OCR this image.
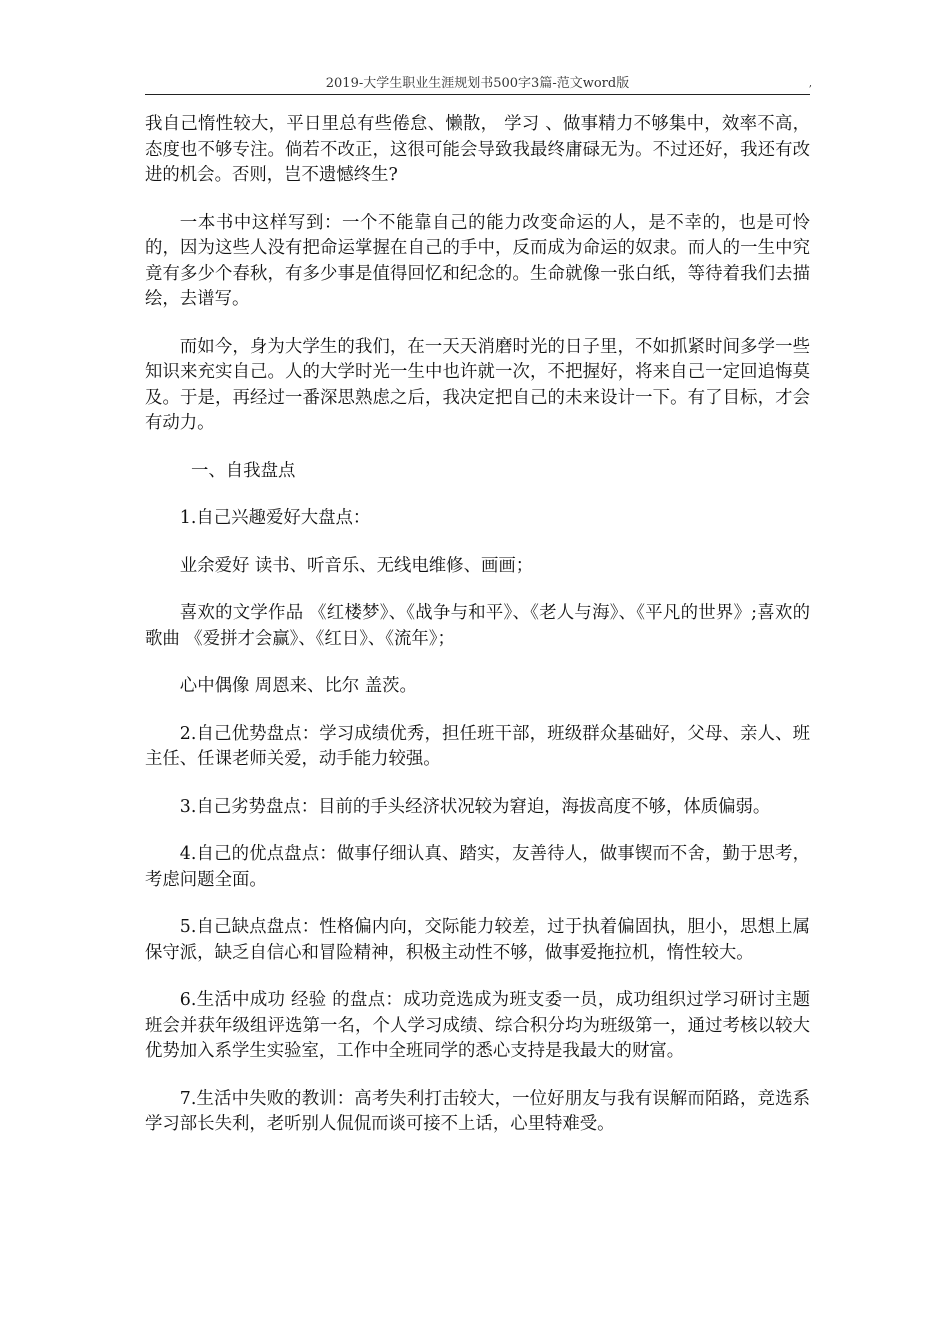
2019-大学生职业生涯规划书500字3篇-范文word版	,

我自己惰性较大，平日里总有些倦怠、懒散， 学习 、做事精力不够集中，效率不高，态度也不够专注。倘若不改正，这很可能会导致我最终庸碌无为。不过还好，我还有改进的机会。否则，岂不遗憾终生?

一本书中这样写到：一个不能靠自己的能力改变命运的人，是不幸的，也是可怜的，因为这些人没有把命运掌握在自己的手中，反而成为命运的奴隶。而人的一生中究竟有多少个春秋，有多少事是值得回忆和纪念的。生命就像一张白纸，等待着我们去描绘，去谱写。

而如今，身为大学生的我们，在一天天消磨时光的日子里，不如抓紧时间多学一些知识来充实自己。人的大学时光一生中也许就一次，不把握好，将来自己一定回追悔莫及。于是，再经过一番深思熟虑之后，我决定把自己的未来设计一下。有了目标，才会有动力。

一、自我盘点

1.自己兴趣爱好大盘点：

业余爱好 读书、听音乐、无线电维修、画画；

喜欢的文学作品 《红楼梦》、《战争与和平》、《老人与海》、《平凡的世界》;喜欢的歌曲 《爱拼才会赢》、《红日》、《流年》；

心中偶像 周恩来、比尔 盖茨。

2.自己优势盘点：学习成绩优秀，担任班干部，班级群众基础好，父母、亲人、班主任、任课老师关爱，动手能力较强。

3.自己劣势盘点：目前的手头经济状况较为窘迫，海拔高度不够，体质偏弱。

4.自己的优点盘点：做事仔细认真、踏实，友善待人，做事锲而不舍，勤于思考，考虑问题全面。

5.自己缺点盘点：性格偏内向，交际能力较差，过于执着偏固执，胆小，思想上属保守派，缺乏自信心和冒险精神，积极主动性不够，做事爱拖拉机，惰性较大。

6.生活中成功 经验 的盘点：成功竞选成为班支委一员，成功组织过学习研讨主题班会并获年级组评选第一名，个人学习成绩、综合积分均为班级第一，通过考核以较大优势加入系学生实验室，工作中全班同学的悉心支持是我最大的财富。

7.生活中失败的教训：高考失利打击较大，一位好朋友与我有误解而陌路，竞选系学习部长失利，老听别人侃侃而谈可接不上话，心里特难受。
